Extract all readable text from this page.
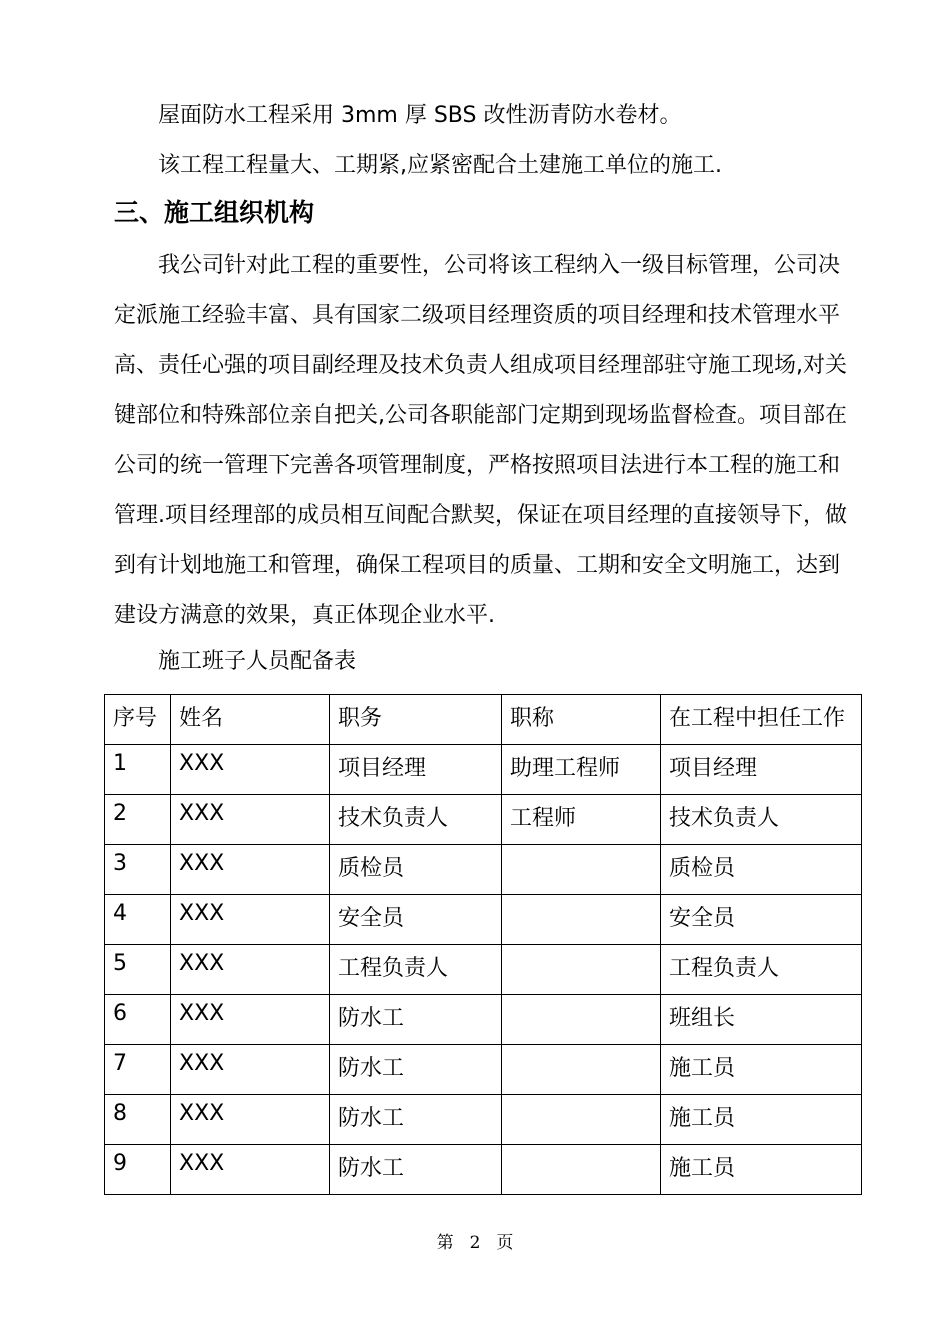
屋面防水工程采用 3mm 厚 SBS 改性沥青防水卷材。
该工程工程量大、工期紧,应紧密配合土建施工单位的施工.
三、施工组织机构
我公司针对此工程的重要性，公司将该工程纳入一级目标管理，公司决
定派施工经验丰富、具有国家二级项目经理资质的项目经理和技术管理水平
高、责任心强的项目副经理及技术负责人组成项目经理部驻守施工现场,对关
键部位和特殊部位亲自把关,公司各职能部门定期到现场监督检查。项目部在
公司的统一管理下完善各项管理制度，严格按照项目法进行本工程的施工和
管理.项目经理部的成员相互间配合默契，保证在项目经理的直接领导下，做
到有计划地施工和管理，确保工程项目的质量、工期和安全文明施工，达到
建设方满意的效果，真正体现企业水平.
施工班子人员配备表
序号	姓名	职务	职称	在工程中担任工作
1	XXX	项目经理	助理工程师	项目经理
2	XXX	技术负责人	工程师	技术负责人
3	XXX	质检员		质检员
4	XXX	安全员		安全员
5	XXX	工程负责人		工程负责人
6	XXX	防水工		班组长
7	XXX	防水工		施工员
8	XXX	防水工		施工员
9	XXX	防水工		施工员
第 2 页
